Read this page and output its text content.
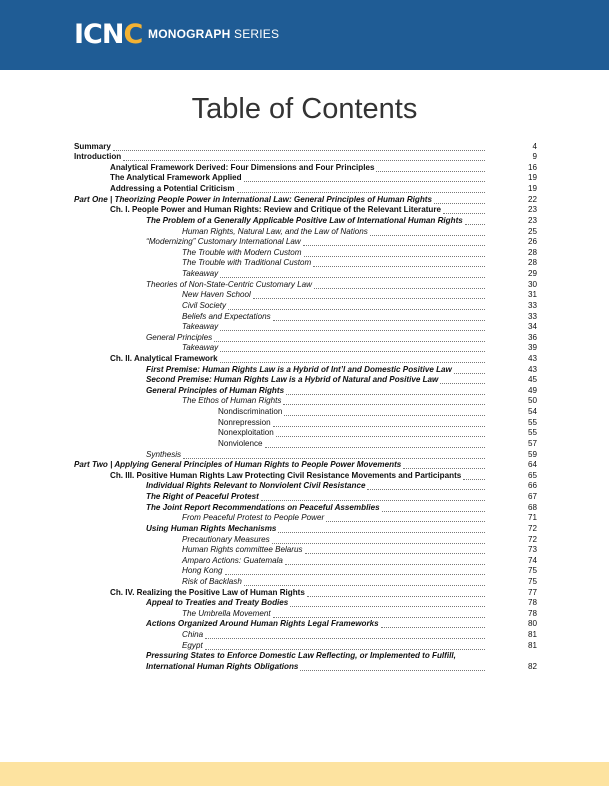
ICNC MONOGRAPH SERIES
Table of Contents
Summary	4
Introduction	9
Analytical Framework Derived: Four Dimensions and Four Principles	16
The Analytical Framework Applied	19
Addressing a Potential Criticism	19
Part One | Theorizing People Power in International Law: General Principles of Human Rights	22
Ch. I. People Power and Human Rights: Review and Critique of the Relevant Literature	23
The Problem of a Generally Applicable Positive Law of International Human Rights	23
Human Rights, Natural Law, and the Law of Nations	25
“Modernizing” Customary International Law	26
The Trouble with Modern Custom	28
The Trouble with Traditional Custom	28
Takeaway	29
Theories of Non-State-Centric Customary Law	30
New Haven School	31
Civil Society	33
Beliefs and Expectations	33
Takeaway	34
General Principles	36
Takeaway	39
Ch. II. Analytical Framework	43
First Premise: Human Rights Law is a Hybrid of Int’l and Domestic Positive Law	43
Second Premise: Human Rights Law is a Hybrid of Natural and Positive Law	45
General Principles of Human Rights	49
The Ethos of Human Rights	50
Nondiscrimination	54
Nonrepression	55
Nonexploitation	55
Nonviolence	57
Synthesis	59
Part Two | Applying General Principles of Human Rights to People Power Movements	64
Ch. III. Positive Human Rights Law Protecting Civil Resistance Movements and Participants	65
Individual Rights Relevant to Nonviolent Civil Resistance	66
The Right of Peaceful Protest	67
The Joint Report Recommendations on Peaceful Assemblies	68
From Peaceful Protest to People Power	71
Using Human Rights Mechanisms	72
Precautionary Measures	72
Human Rights committee Belarus	73
Amparo Actions: Guatemala	74
Hong Kong	75
Risk of Backlash	75
Ch. IV. Realizing the Positive Law of Human Rights	77
Appeal to Treaties and Treaty Bodies	78
The Umbrella Movement	78
Actions Organized Around Human Rights Legal Frameworks	80
China	81
Egypt	81
Pressuring States to Enforce Domestic Law Reflecting, or Implemented to Fulfill,
International Human Rights Obligations	82
